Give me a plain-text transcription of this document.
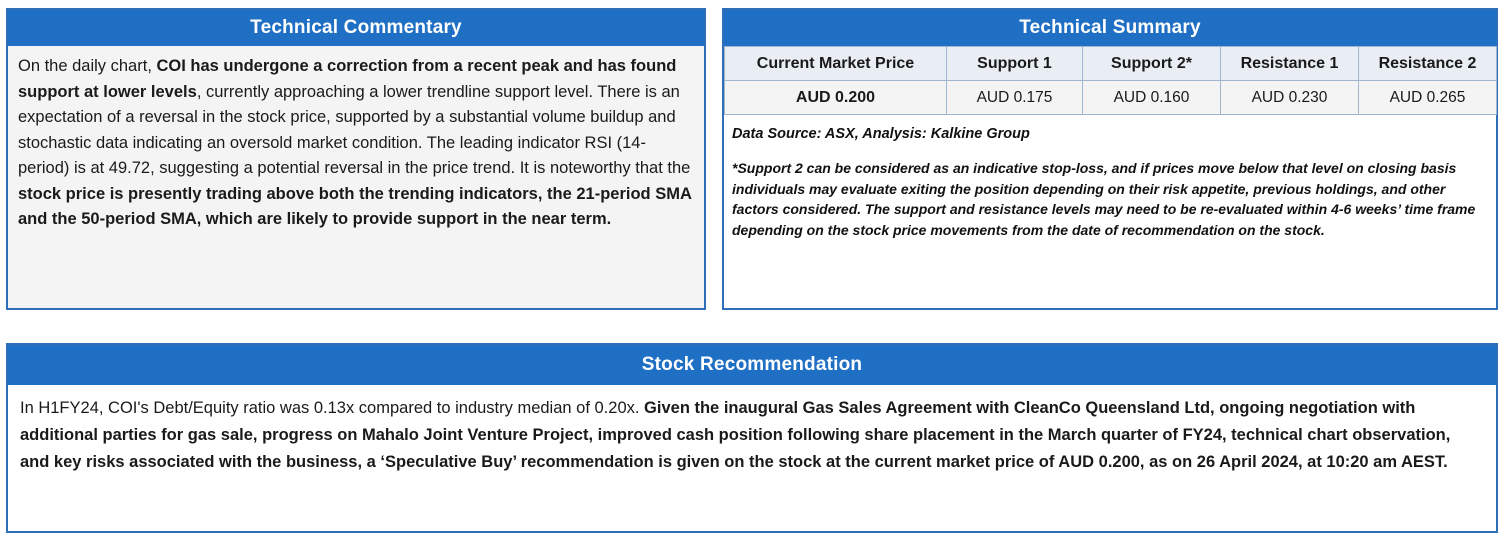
Technical Commentary
On the daily chart, COI has undergone a correction from a recent peak and has found support at lower levels, currently approaching a lower trendline support level. There is an expectation of a reversal in the stock price, supported by a substantial volume buildup and stochastic data indicating an oversold market condition. The leading indicator RSI (14-period) is at 49.72, suggesting a potential reversal in the price trend. It is noteworthy that the stock price is presently trading above both the trending indicators, the 21-period SMA and the 50-period SMA, which are likely to provide support in the near term.
Technical Summary
Current Market Price	Support 1	Support 2*	Resistance 1	Resistance 2
AUD 0.200	AUD 0.175	AUD 0.160	AUD 0.230	AUD 0.265
Data Source: ASX, Analysis: Kalkine Group
*Support 2 can be considered as an indicative stop-loss, and if prices move below that level on closing basis individuals may evaluate exiting the position depending on their risk appetite, previous holdings, and other factors considered. The support and resistance levels may need to be re-evaluated within 4-6 weeks’ time frame depending on the stock price movements from the date of recommendation on the stock.
Stock Recommendation
In H1FY24, COI's Debt/Equity ratio was 0.13x compared to industry median of 0.20x. Given the inaugural Gas Sales Agreement with CleanCo Queensland Ltd, ongoing negotiation with additional parties for gas sale, progress on Mahalo Joint Venture Project, improved cash position following share placement in the March quarter of FY24, technical chart observation, and key risks associated with the business, a ‘Speculative Buy’ recommendation is given on the stock at the current market price of AUD 0.200, as on 26 April 2024, at 10:20 am AEST.
